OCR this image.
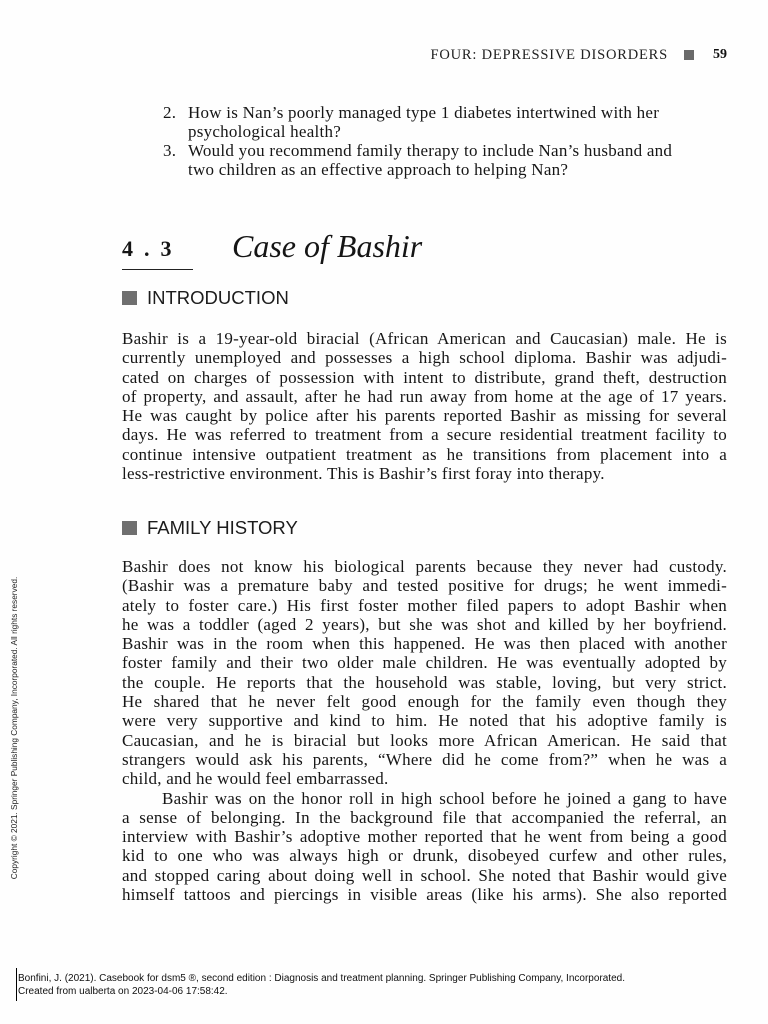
FOUR: DEPRESSIVE DISORDERS	59
2. How is Nan’s poorly managed type 1 diabetes intertwined with her
psychological health?
3. Would you recommend family therapy to include Nan’s husband and
two children as an effective approach to helping Nan?
4.3 Case of Bashir
INTRODUCTION
Bashir is a 19-year-old biracial (African American and Caucasian) male. He is
currently unemployed and possesses a high school diploma. Bashir was adjudi-
cated on charges of possession with intent to distribute, grand theft, destruction
of property, and assault, after he had run away from home at the age of 17 years.
He was caught by police after his parents reported Bashir as missing for several
days. He was referred to treatment from a secure residential treatment facility to
continue intensive outpatient treatment as he transitions from placement into a
less-restrictive environment. This is Bashir’s first foray into therapy.
FAMILY HISTORY
Bashir does not know his biological parents because they never had custody.
(Bashir was a premature baby and tested positive for drugs; he went immedi-
ately to foster care.) His first foster mother filed papers to adopt Bashir when
he was a toddler (aged 2 years), but she was shot and killed by her boyfriend.
Bashir was in the room when this happened. He was then placed with another
foster family and their two older male children. He was eventually adopted by
the couple. He reports that the household was stable, loving, but very strict.
He shared that he never felt good enough for the family even though they
were very supportive and kind to him. He noted that his adoptive family is
Caucasian, and he is biracial but looks more African American. He said that
strangers would ask his parents, “Where did he come from?” when he was a
child, and he would feel embarrassed.
Bashir was on the honor roll in high school before he joined a gang to have
a sense of belonging. In the background file that accompanied the referral, an
interview with Bashir’s adoptive mother reported that he went from being a good
kid to one who was always high or drunk, disobeyed curfew and other rules,
and stopped caring about doing well in school. She noted that Bashir would give
himself tattoos and piercings in visible areas (like his arms). She also reported
Copyright © 2021. Springer Publishing Company, Incorporated. All rights reserved.
Bonfini, J. (2021). Casebook for dsm5 ®, second edition : Diagnosis and treatment planning. Springer Publishing Company, Incorporated.
Created from ualberta on 2023-04-06 17:58:42.
